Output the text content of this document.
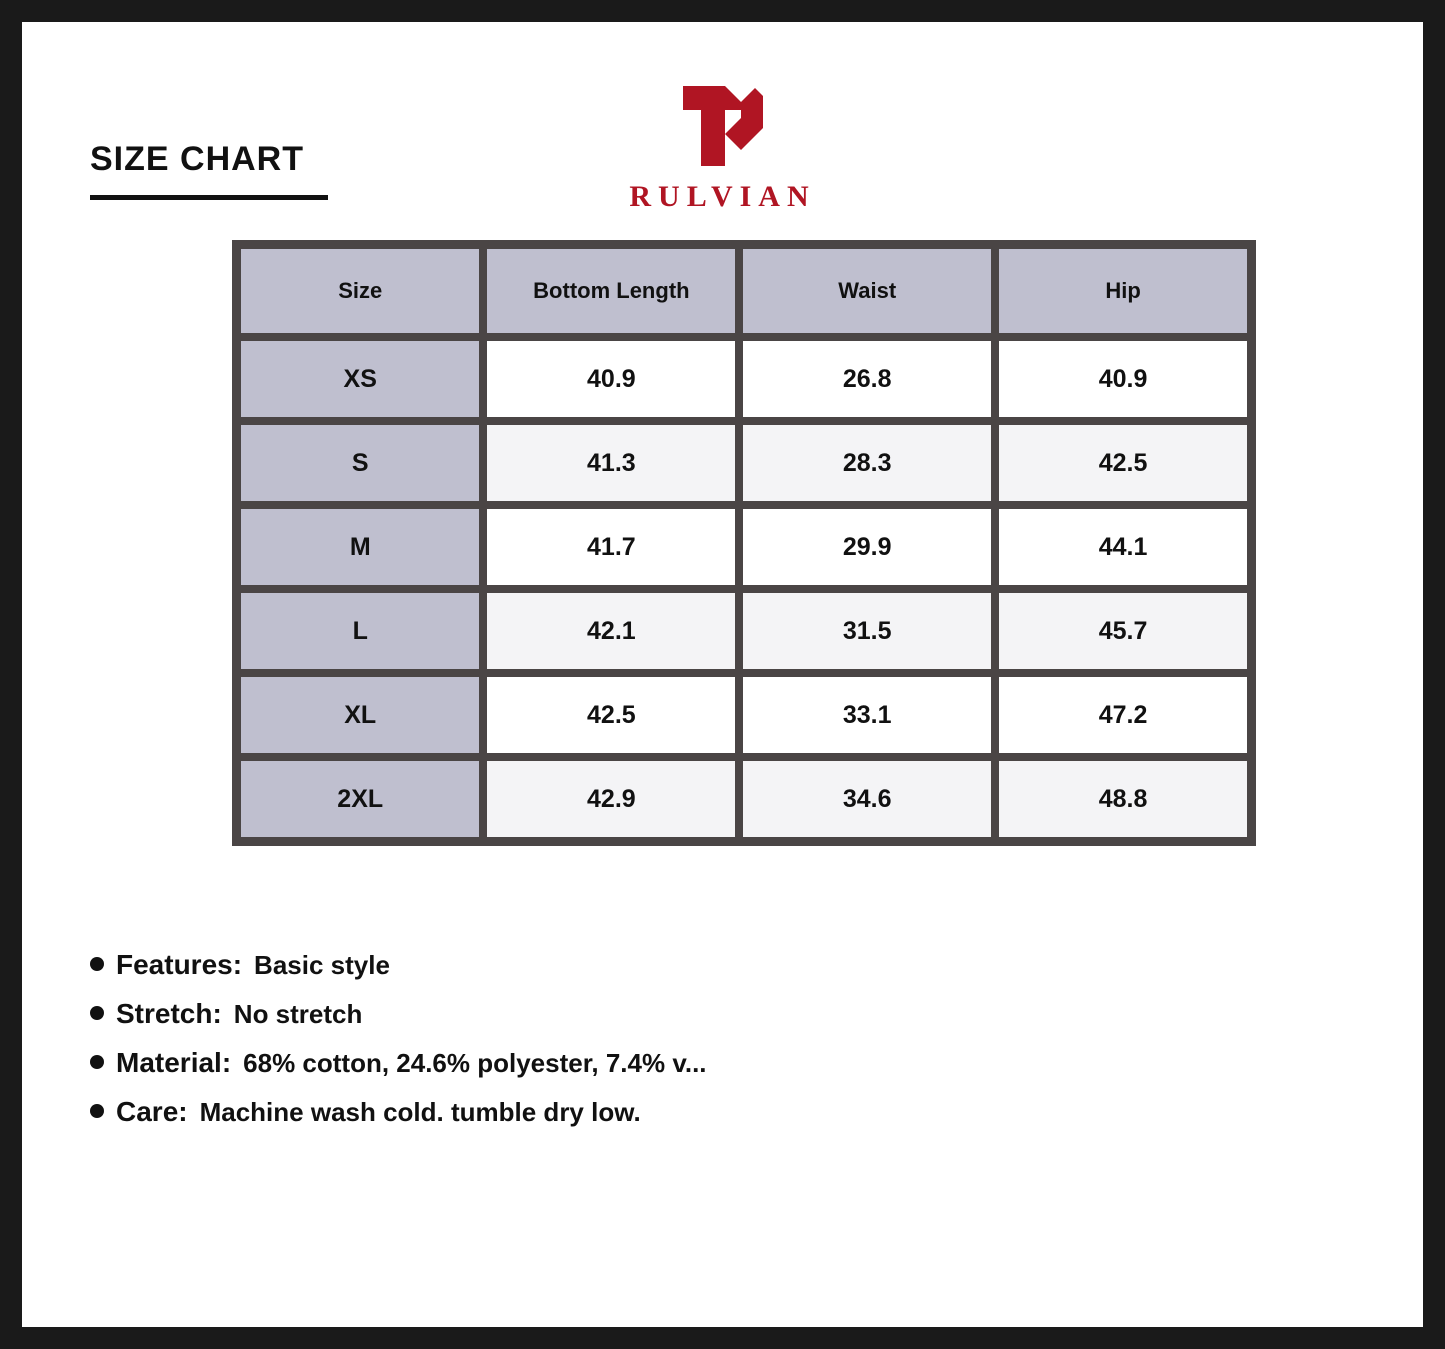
RULVIAN
SIZE CHART
Size	Bottom Length	Waist	Hip
XS	40.9	26.8	40.9
S	41.3	28.3	42.5
M	41.7	29.9	44.1
L	42.1	31.5	45.7
XL	42.5	33.1	47.2
2XL	42.9	34.6	48.8
Features: Basic style
Stretch: No stretch
Material: 68% cotton, 24.6% polyester, 7.4% v...
Care: Machine wash cold. tumble dry low.
